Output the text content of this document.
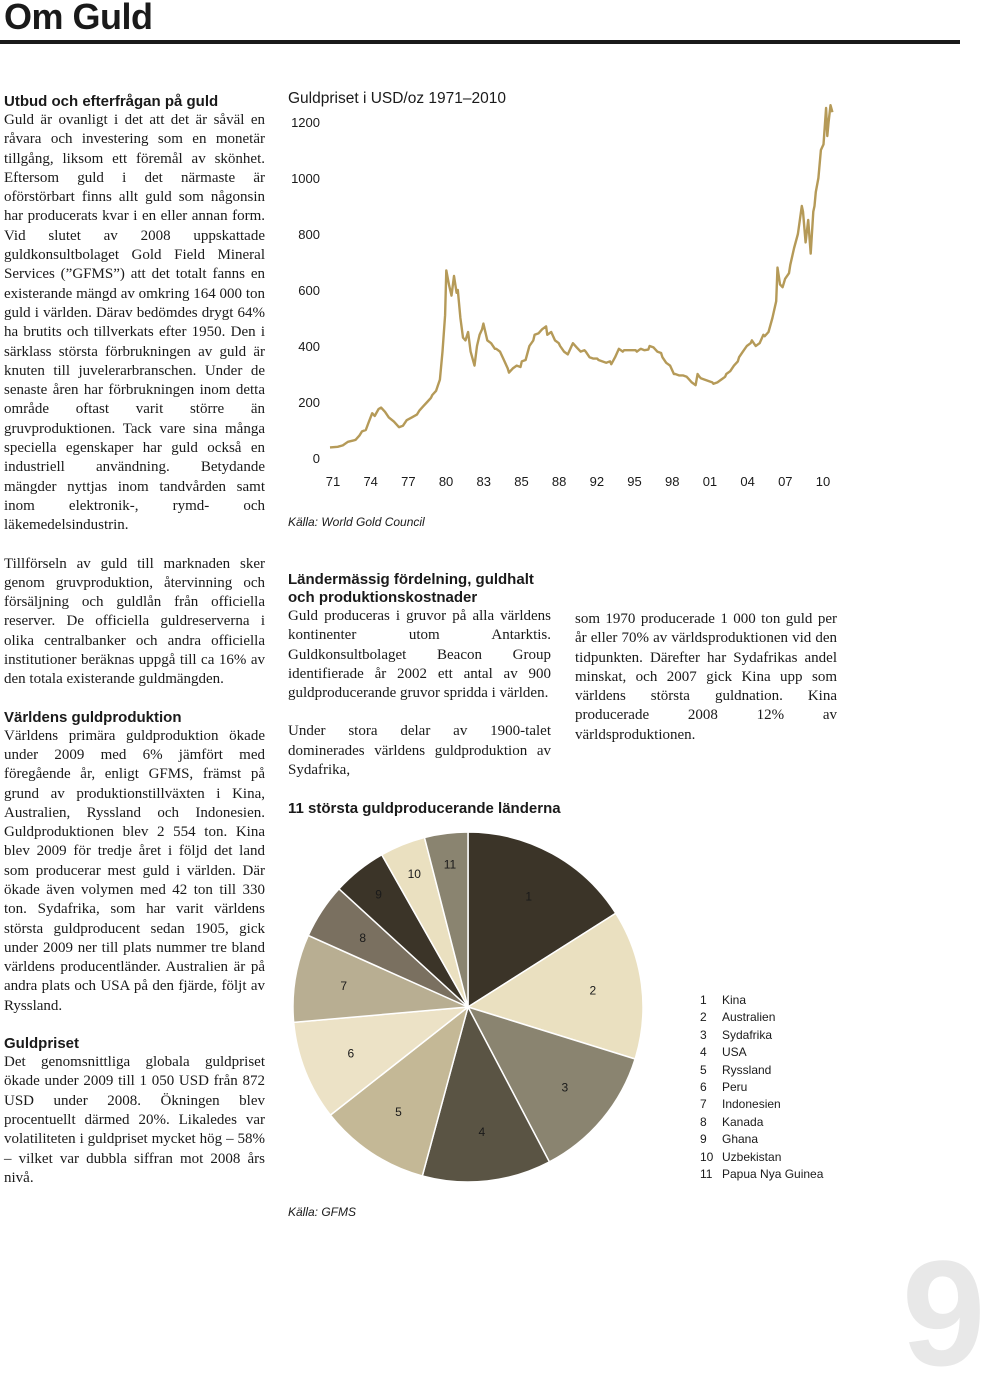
Om Guld
Utbud och efterfrågan på guld

Guld är ovanligt i det att det är såväl en råvara och investering som en monetär tillgång, liksom ett föremål av skönhet. Eftersom guld i det närmaste är oförstörbart finns allt guld som någonsin har producerats kvar i en eller annan form. Vid slutet av 2008 uppskattade guldkonsultbolaget Gold Field Mineral Services (”GFMS”) att det totalt fanns en existerande mängd av omkring 164 000 ton guld i världen. Därav bedömdes drygt 64% ha brutits och tillverkats efter 1950. Den i särklass största förbrukningen av guld är knuten till juvelerarbranschen. Under de senaste åren har förbrukningen inom detta område oftast varit större än gruvproduktionen. Tack vare sina många speciella egenskaper har guld också en industriell användning. Betydande mängder nyttjas inom tandvården samt inom elektronik-, rymd- och läkemedelsindustrin.

Tillförseln av guld till marknaden sker genom gruvproduktion, återvinning och försäljning och guldlån från officiella reserver. De officiella guldreserverna i olika centralbanker och andra officiella institutioner beräknas uppgå till ca 16% av den totala existerande guldmängden.

Världens guldproduktion

Världens primära guldproduktion ökade under 2009 med 6% jämfört med föregående år, enligt GFMS, främst på grund av produktionstillväxten i Kina, Australien, Ryssland och Indonesien. Guldproduktionen blev 2 554 ton. Kina blev 2009 för tredje året i följd det land som producerar mest guld i världen. Där ökade även volymen med 42 ton till 330 ton. Sydafrika, som har varit världens största guldproducent sedan 1905, gick under 2009 ner till plats nummer tre bland världens producentländer. Australien är på andra plats och USA på den fjärde, följt av Ryssland.

Guldpriset

Det genomsnittliga globala guldpriset ökade under 2009 till 1 050 USD från 872 USD under 2008. Ökningen blev procentuellt därmed 20%. Likaledes var volatiliteten i guldpriset mycket hög – 58% – vilket var dubbla siffran mot 2008 års nivå.

Guldpriset i USD/oz 1971–2010
0
200
400
600
800
1000
1200
71 74 77 80 83 85 88 92 95 98 01 04 07 10
Källa: World Gold Council
Ländermässig fördelning, guldhalt och produktionskostnader

Guld produceras i gruvor på alla världens kontinenter utom Antarktis. Guldkonsultbolaget Beacon Group identifierade år 2002 ett antal av 900 guldproducerande gruvor spridda i världen.

Under stora delar av 1900-talet dominerades världens guldproduktion av Sydafrika,

som 1970 producerade 1 000 ton guld per år eller 70% av världsproduktionen vid den tidpunkten. Därefter har Sydafrikas andel minskat, och 2007 gick Kina upp som världens största guldnation. Kina producerade 2008 12% av världsproduktionen.

11 största guldproducerande länderna
1
2
3
4
5
6
7
8
9
10
11
1	Kina
2	Australien
3	Sydafrika
4	USA
5	Ryssland
6	Peru
7	Indonesien
8	Kanada
9	Ghana
10 Uzbekistan
11 Papua Nya Guinea
Källa: GFMS
9
